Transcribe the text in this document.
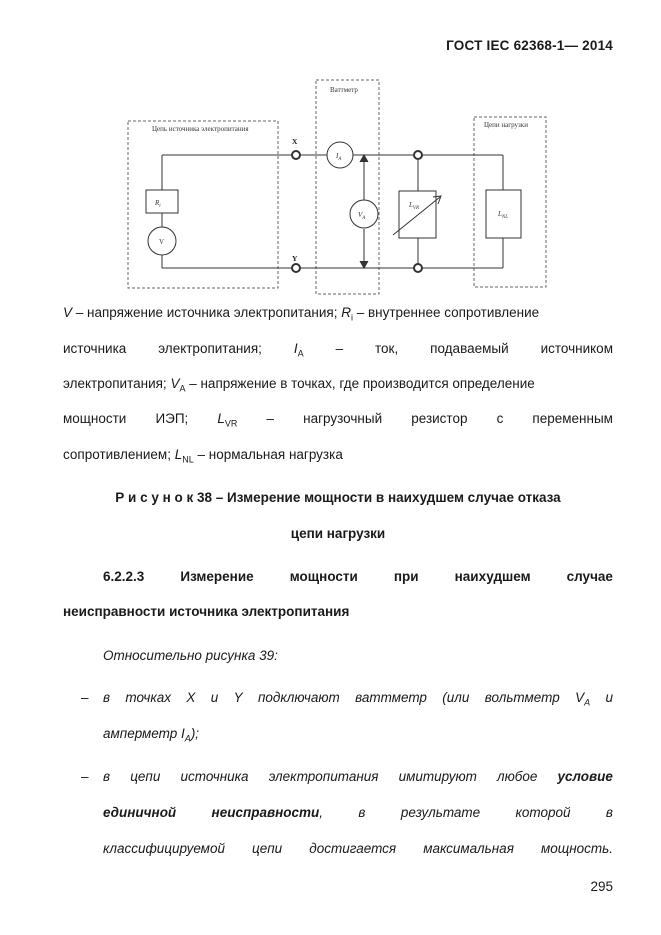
ГОСТ IEC 62368-1— 2014
Ваттметр
Цепь источника электропитания	Цепи нагрузки
X
Y
$R_i$
V
$I_A$
$V_A$
$L_{VR}$
$L_{NL}$
V – напряжение источника электропитания; $R_i$ – внутреннее сопротивление
источника электропитания; $I_A$ – ток, подаваемый источником
электропитания; $V_A$ – напряжение в точках, где производится определение
мощности ИЭП; $L_{VR}$ – нагрузочный резистор с переменным
сопротивлением; $L_{NL}$ – нормальная нагрузка
Р и с у н о к 38 – Измерение мощности в наихудшем случае отказа
цепи нагрузки
6.2.2.3	Измерение	мощности	при	наихудшем	случае
неисправности источника электропитания
Относительно рисунка 39:
– в точках X и Y подключают ваттметр (или вольтметр $V_A$ и
амперметр $I_A$);
– в цепи источника электропитания имитируют любое условие
единичной	неисправности,	в	результате	которой	в
классифицируемой цепи достигается максимальная мощность.
295
